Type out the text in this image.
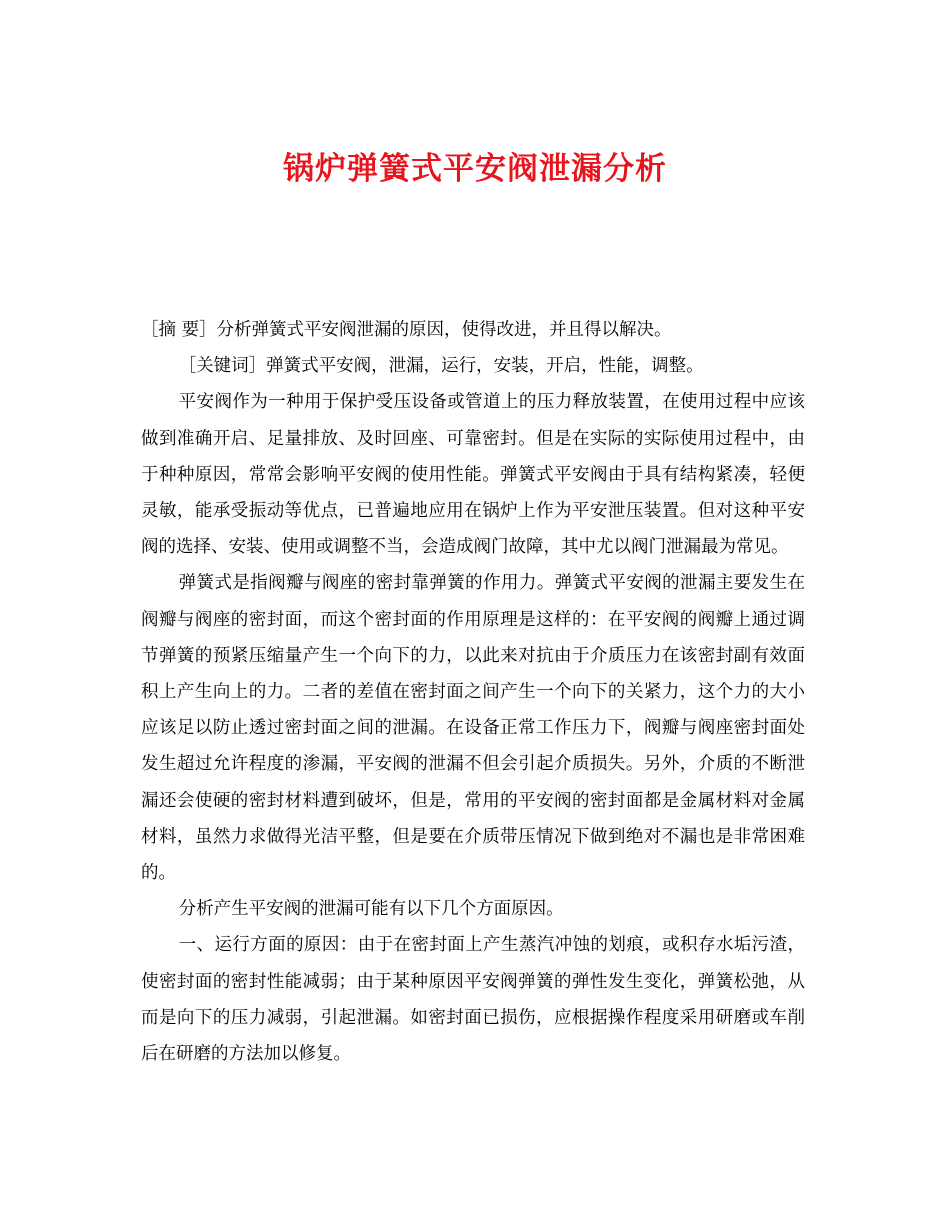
锅炉弹簧式平安阀泄漏分析

［摘 要］分析弹簧式平安阀泄漏的原因，使得改进，并且得以解决。

［关键词］弹簧式平安阀，泄漏，运行，安装，开启，性能，调整。

平安阀作为一种用于保护受压设备或管道上的压力释放装置，在使用过程中应该做到准确开启、足量排放、及时回座、可靠密封。但是在实际的实际使用过程中，由于种种原因，常常会影响平安阀的使用性能。弹簧式平安阀由于具有结构紧凑，轻便灵敏，能承受振动等优点，已普遍地应用在锅炉上作为平安泄压装置。但对这种平安阀的选择、安装、使用或调整不当，会造成阀门故障，其中尤以阀门泄漏最为常见。

弹簧式是指阀瓣与阀座的密封靠弹簧的作用力。弹簧式平安阀的泄漏主要发生在阀瓣与阀座的密封面，而这个密封面的作用原理是这样的：在平安阀的阀瓣上通过调节弹簧的预紧压缩量产生一个向下的力，以此来对抗由于介质压力在该密封副有效面积上产生向上的力。二者的差值在密封面之间产生一个向下的关紧力，这个力的大小应该足以防止透过密封面之间的泄漏。在设备正常工作压力下，阀瓣与阀座密封面处发生超过允许程度的渗漏，平安阀的泄漏不但会引起介质损失。另外，介质的不断泄漏还会使硬的密封材料遭到破坏，但是，常用的平安阀的密封面都是金属材料对金属材料，虽然力求做得光洁平整，但是要在介质带压情况下做到绝对不漏也是非常困难的。

分析产生平安阀的泄漏可能有以下几个方面原因。

一、运行方面的原因：由于在密封面上产生蒸汽冲蚀的划痕，或积存水垢污渣，使密封面的密封性能减弱；由于某种原因平安阀弹簧的弹性发生变化，弹簧松弛，从而是向下的压力减弱，引起泄漏。如密封面已损伤，应根据操作程度采用研磨或车削后在研磨的方法加以修复。
